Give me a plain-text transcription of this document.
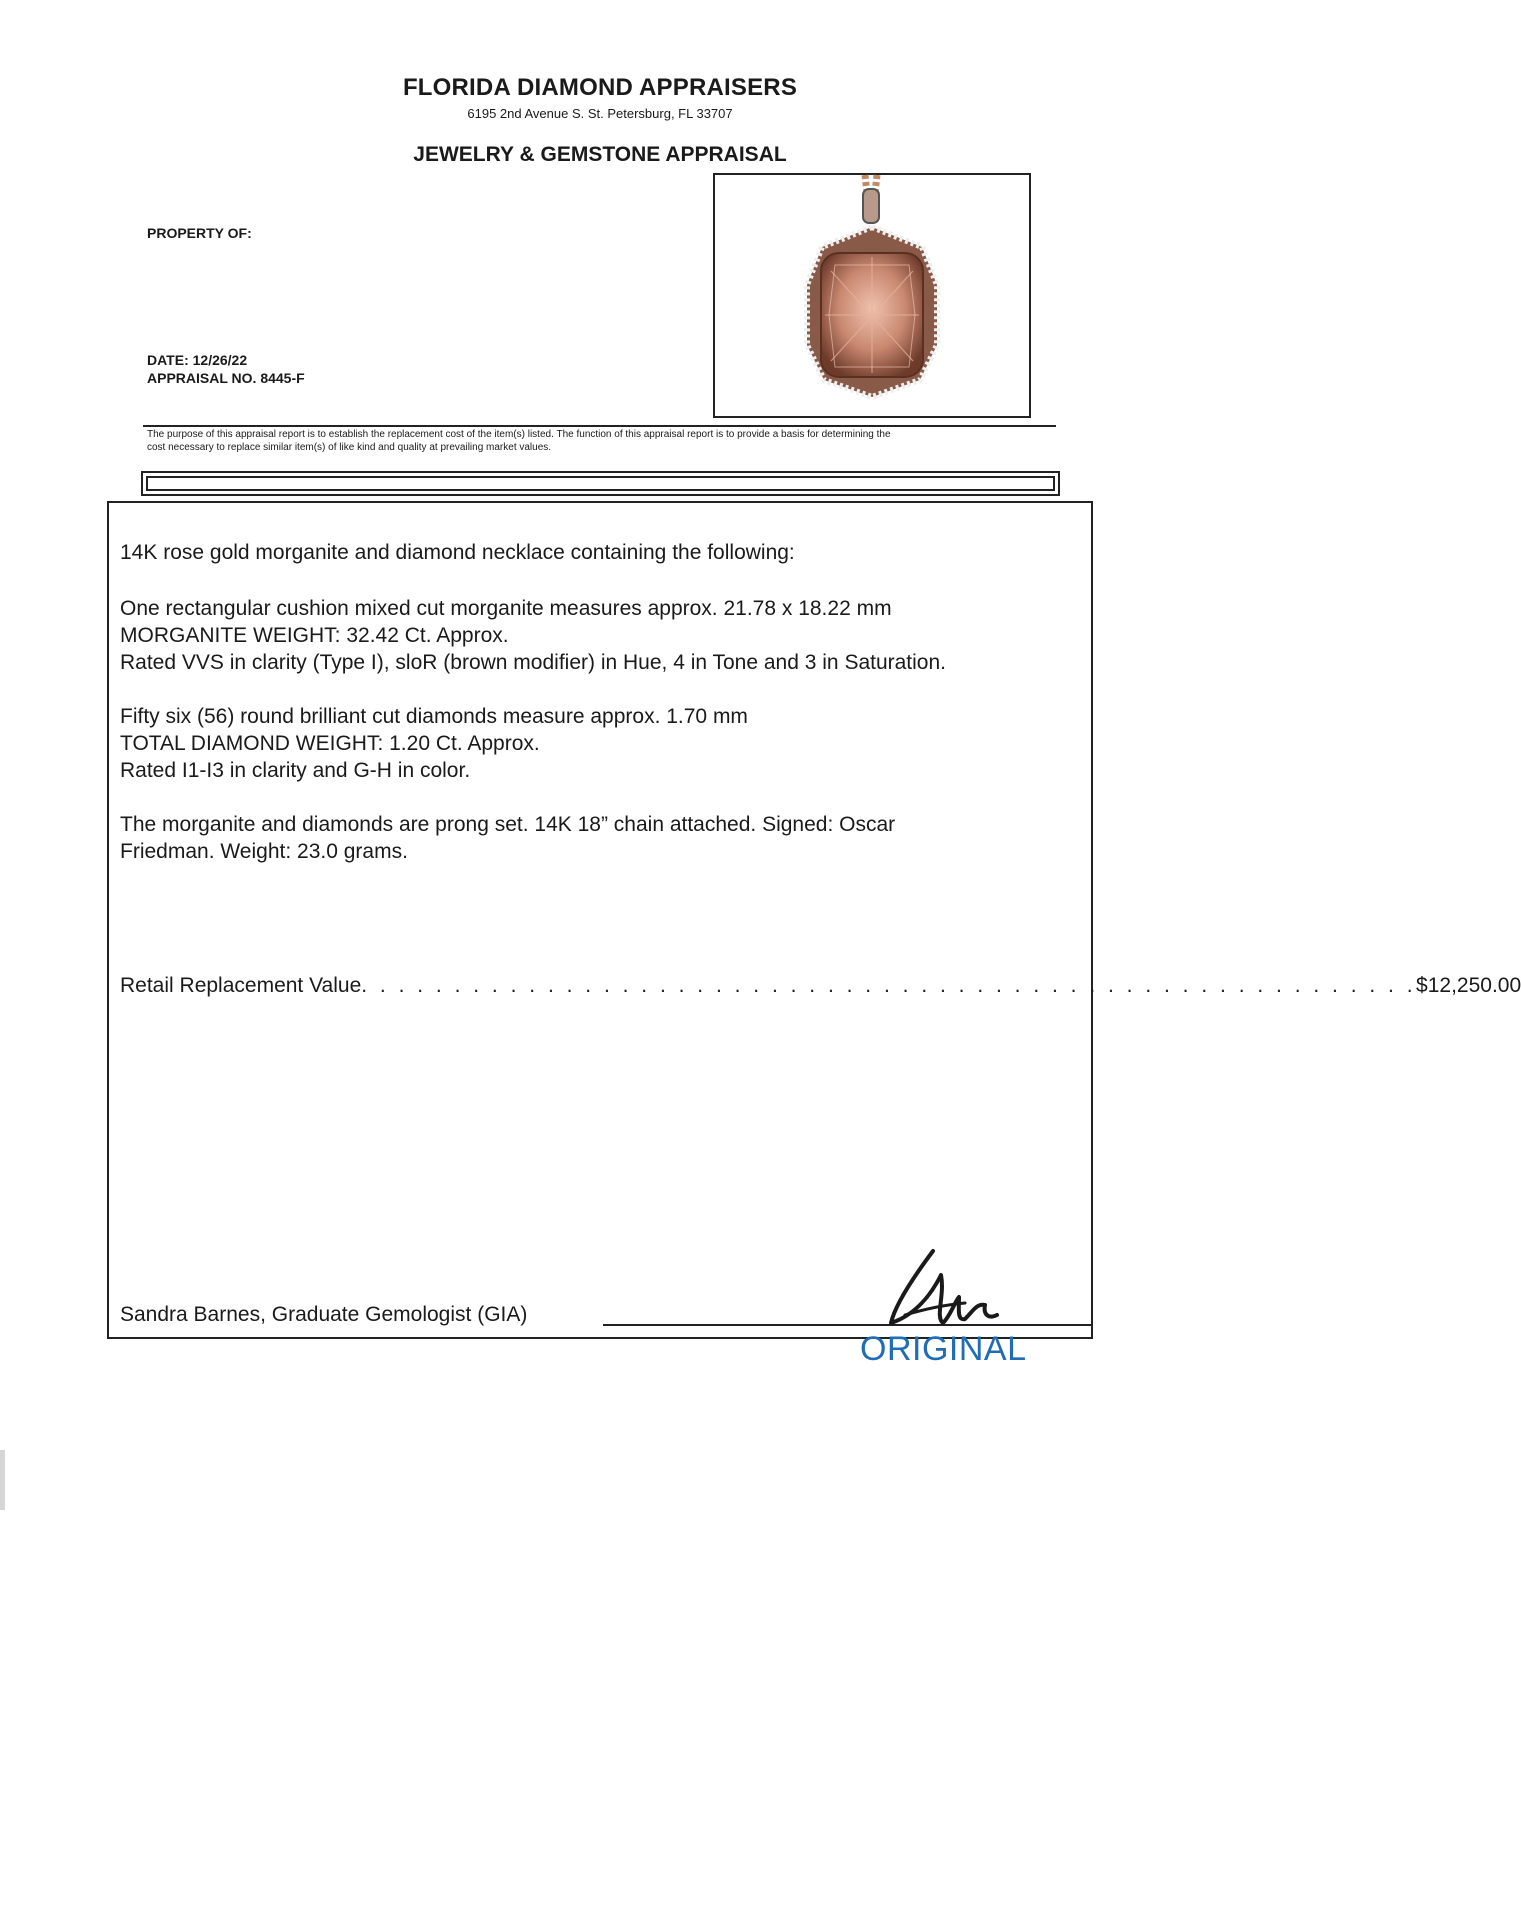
FLORIDA DIAMOND APPRAISERS
6195 2nd Avenue S. St. Petersburg, FL 33707
JEWELRY & GEMSTONE APPRAISAL
PROPERTY OF:
DATE: 12/26/22
APPRAISAL NO. 8445-F
The purpose of this appraisal report is to establish the replacement cost of the item(s) listed. The function of this appraisal report is to provide a basis for determining the
cost necessary to replace similar item(s) of like kind and quality at prevailing market values.
14K rose gold morganite and diamond necklace containing the following:
One rectangular cushion mixed cut morganite measures approx. 21.78 x 18.22 mm
MORGANITE WEIGHT: 32.42 Ct. Approx.
Rated VVS in clarity (Type I), sloR (brown modifier) in Hue, 4 in Tone and 3 in Saturation.
Fifty six (56) round brilliant cut diamonds measure approx. 1.70 mm
TOTAL DIAMOND WEIGHT: 1.20 Ct. Approx.
Rated I1-I3 in clarity and G-H in color.
The morganite and diamonds are prong set. 14K 18” chain attached. Signed: Oscar
Friedman. Weight: 23.0 grams.
Retail Replacement Value . . . . . . . . . . . . . . . . . . . . . . . . . . . . . . . . . . . . . . . . . . . . . . . . . . . . . . . . . $12,250.00
Sandra Barnes, Graduate Gemologist (GIA)
ORIGINAL
